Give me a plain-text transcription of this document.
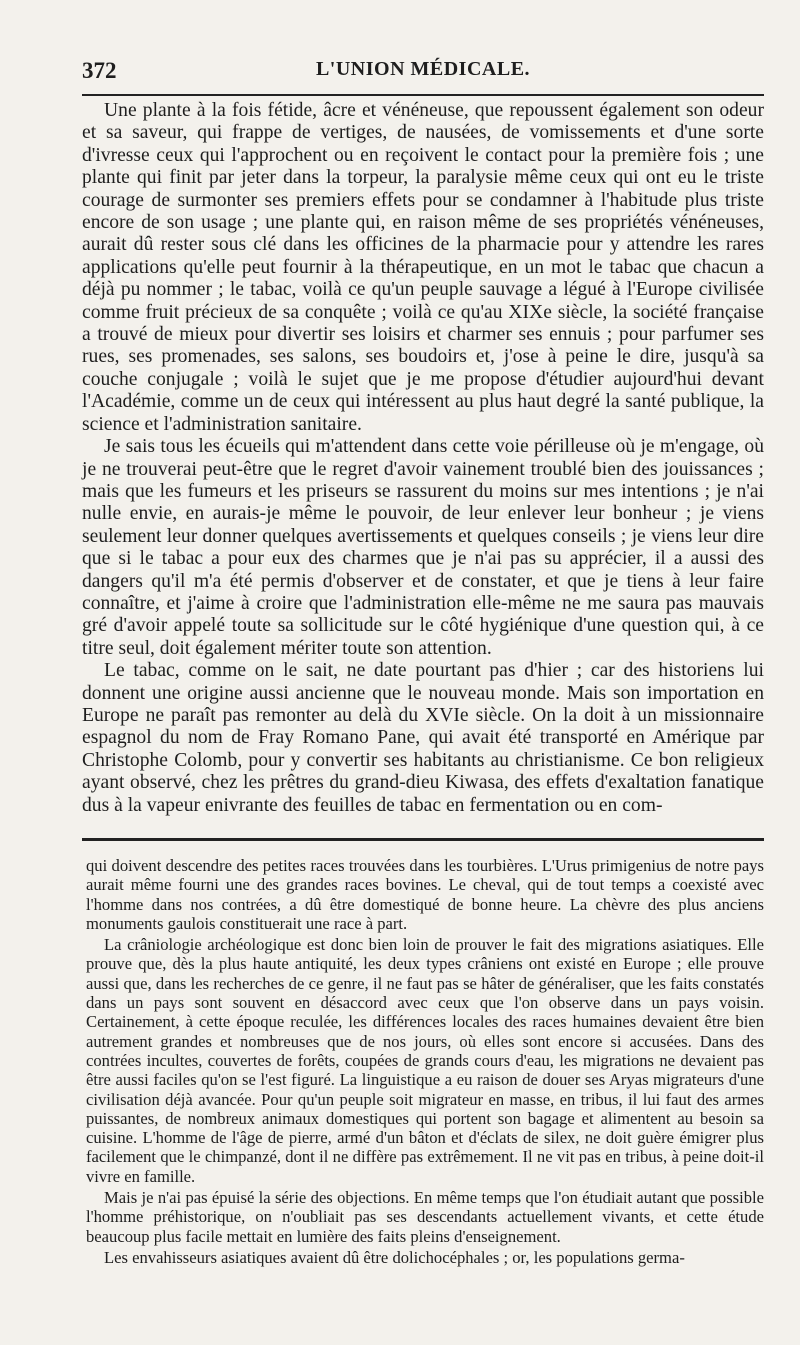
372	L'UNION MÉDICALE.

Une plante à la fois fétide, âcre et vénéneuse, que repoussent également son odeur et sa saveur, qui frappe de vertiges, de nausées, de vomissements et d'une sorte d'ivresse ceux qui l'approchent ou en reçoivent le contact pour la première fois ; une plante qui finit par jeter dans la torpeur, la paralysie même ceux qui ont eu le triste courage de surmonter ses premiers effets pour se condamner à l'habitude plus triste encore de son usage ; une plante qui, en raison même de ses propriétés vénéneuses, aurait dû rester sous clé dans les officines de la pharmacie pour y attendre les rares applications qu'elle peut fournir à la thérapeutique, en un mot le tabac que chacun a déjà pu nommer ; le tabac, voilà ce qu'un peuple sauvage a légué à l'Europe civilisée comme fruit précieux de sa conquête ; voilà ce qu'au XIXe siècle, la société française a trouvé de mieux pour divertir ses loisirs et charmer ses ennuis ; pour parfumer ses rues, ses promenades, ses salons, ses boudoirs et, j'ose à peine le dire, jusqu'à sa couche conjugale ; voilà le sujet que je me propose d'étudier aujourd'hui devant l'Académie, comme un de ceux qui intéressent au plus haut degré la santé publique, la science et l'administration sanitaire.

Je sais tous les écueils qui m'attendent dans cette voie périlleuse où je m'engage, où je ne trouverai peut-être que le regret d'avoir vainement troublé bien des jouissances ; mais que les fumeurs et les priseurs se rassurent du moins sur mes intentions ; je n'ai nulle envie, en aurais-je même le pouvoir, de leur enlever leur bonheur ; je viens seulement leur donner quelques avertissements et quelques conseils ; je viens leur dire que si le tabac a pour eux des charmes que je n'ai pas su apprécier, il a aussi des dangers qu'il m'a été permis d'observer et de constater, et que je tiens à leur faire connaître, et j'aime à croire que l'administration elle-même ne me saura pas mauvais gré d'avoir appelé toute sa sollicitude sur le côté hygiénique d'une question qui, à ce titre seul, doit également mériter toute son attention.

Le tabac, comme on le sait, ne date pourtant pas d'hier ; car des historiens lui donnent une origine aussi ancienne que le nouveau monde. Mais son importation en Europe ne paraît pas remonter au delà du XVIe siècle. On la doit à un missionnaire espagnol du nom de Fray Romano Pane, qui avait été transporté en Amérique par Christophe Colomb, pour y convertir ses habitants au christianisme. Ce bon religieux ayant observé, chez les prêtres du grand-dieu Kiwasa, des effets d'exaltation fanatique dus à la vapeur enivrante des feuilles de tabac en fermentation ou en com-

qui doivent descendre des petites races trouvées dans les tourbières. L'Urus primigenius de notre pays aurait même fourni une des grandes races bovines. Le cheval, qui de tout temps a coexisté avec l'homme dans nos contrées, a dû être domestiqué de bonne heure. La chèvre des plus anciens monuments gaulois constituerait une race à part.

La crâniologie archéologique est donc bien loin de prouver le fait des migrations asiatiques. Elle prouve que, dès la plus haute antiquité, les deux types crâniens ont existé en Europe ; elle prouve aussi que, dans les recherches de ce genre, il ne faut pas se hâter de généraliser, que les faits constatés dans un pays sont souvent en désaccord avec ceux que l'on observe dans un pays voisin. Certainement, à cette époque reculée, les différences locales des races humaines devaient être bien autrement grandes et nombreuses que de nos jours, où elles sont encore si accusées. Dans des contrées incultes, couvertes de forêts, coupées de grands cours d'eau, les migrations ne devaient pas être aussi faciles qu'on se l'est figuré. La linguistique a eu raison de douer ses Aryas migrateurs d'une civilisation déjà avancée. Pour qu'un peuple soit migrateur en masse, en tribus, il lui faut des armes puissantes, de nombreux animaux domestiques qui portent son bagage et alimentent au besoin sa cuisine. L'homme de l'âge de pierre, armé d'un bâton et d'éclats de silex, ne doit guère émigrer plus facilement que le chimpanzé, dont il ne diffère pas extrêmement. Il ne vit pas en tribus, à peine doit-il vivre en famille.

Mais je n'ai pas épuisé la série des objections. En même temps que l'on étudiait autant que possible l'homme préhistorique, on n'oubliait pas ses descendants actuellement vivants, et cette étude beaucoup plus facile mettait en lumière des faits pleins d'enseignement.

Les envahisseurs asiatiques avaient dû être dolichocéphales ; or, les populations germa-
